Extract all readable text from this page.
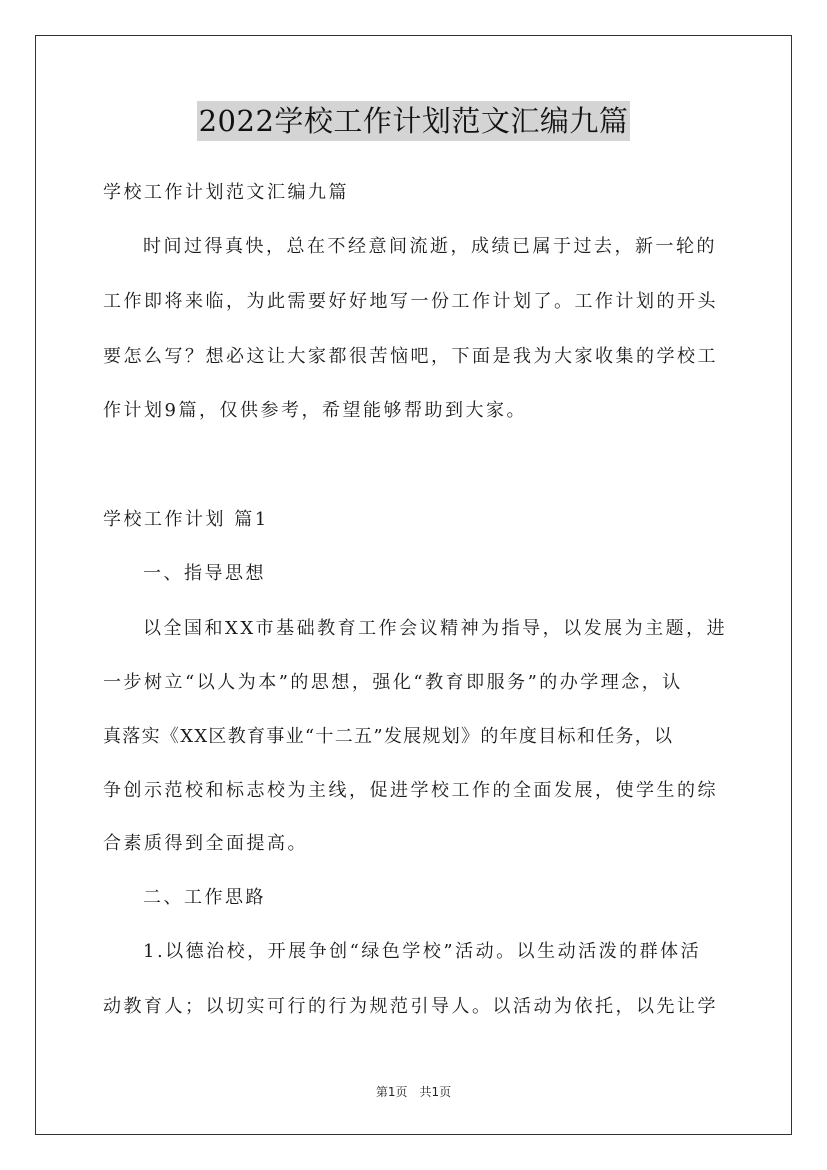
2022学校工作计划范文汇编九篇
学校工作计划范文汇编九篇
时间过得真快，总在不经意间流逝，成绩已属于过去，新一轮的
工作即将来临，为此需要好好地写一份工作计划了。工作计划的开头
要怎么写？想必这让大家都很苦恼吧，下面是我为大家收集的学校工
作计划9篇，仅供参考，希望能够帮助到大家。
学校工作计划 篇1
一、指导思想
以全国和XX市基础教育工作会议精神为指导，以发展为主题，进
一步树立“以人为本”的思想，强化“教育即服务”的办学理念，认
真落实《XX区教育事业“十二五”发展规划》的年度目标和任务，以
争创示范校和标志校为主线，促进学校工作的全面发展，使学生的综
合素质得到全面提高。
二、工作思路
1.以德治校，开展争创“绿色学校”活动。以生动活泼的群体活
动教育人；以切实可行的行为规范引导人。以活动为依托，以先让学
第1页　共1页
